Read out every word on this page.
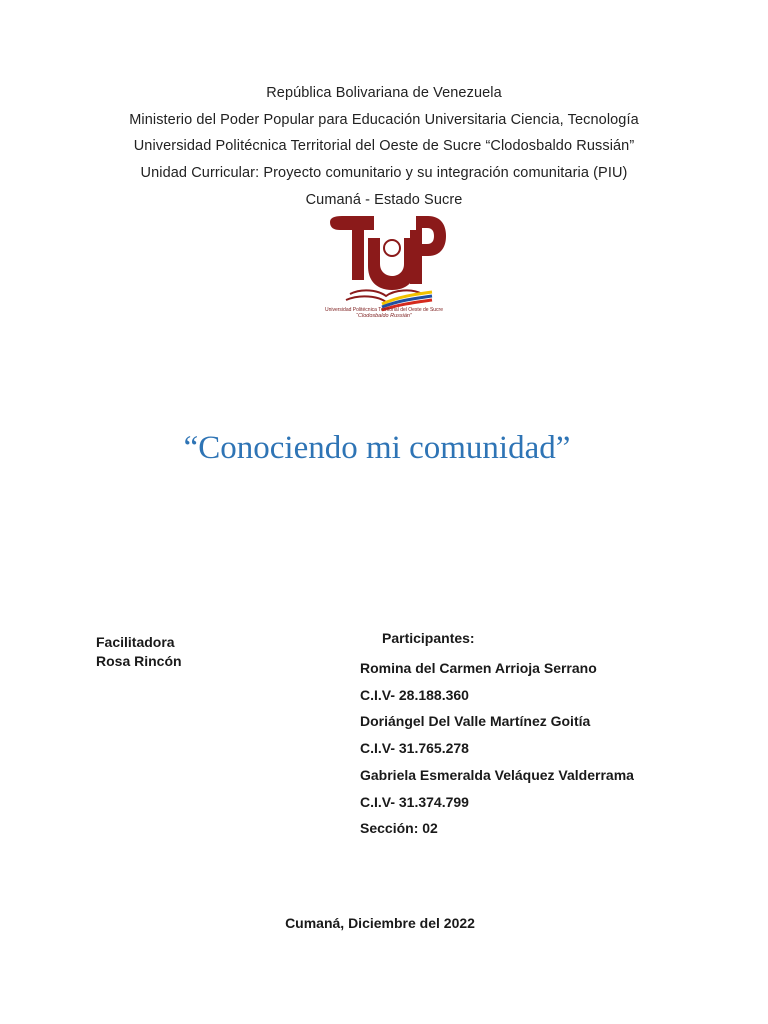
República Bolivariana de Venezuela
Ministerio del Poder Popular para Educación Universitaria Ciencia, Tecnología
Universidad Politécnica Territorial del Oeste de Sucre “Clodosbaldo Russián”
Unidad Curricular: Proyecto comunitario y su integración comunitaria (PIU)
Cumaná - Estado Sucre
Universidad Politécnica Territorial del Oeste de Sucre
“Clodosbaldo Russián”
“Conociendo mi comunidad”
Facilitadora
Rosa Rincón
Participantes:
Romina del Carmen Arrioja Serrano
C.I.V- 28.188.360
Doriángel Del Valle Martínez Goitía
C.I.V- 31.765.278
Gabriela Esmeralda Veláquez Valderrama
C.I.V- 31.374.799
Sección: 02
Cumaná, Diciembre del 2022
